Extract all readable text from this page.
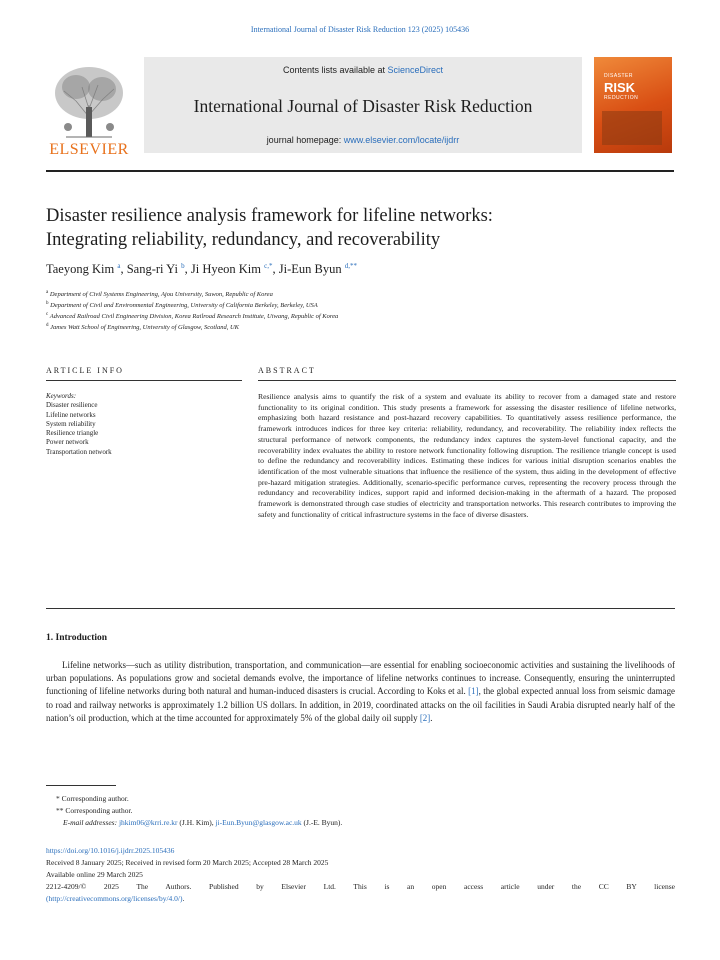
International Journal of Disaster Risk Reduction 123 (2025) 105436
ELSEVIER
Contents lists available at ScienceDirect
International Journal of Disaster Risk Reduction
journal homepage: www.elsevier.com/locate/ijdrr
DISASTER
RISK
REDUCTION
Disaster resilience analysis framework for lifeline networks:
Integrating reliability, redundancy, and recoverability
Taeyong Kim $^a$, Sang-ri Yi $^b$, Ji Hyeon Kim $^{c,*}$, Ji-Eun Byun $^{d,**}$
$^a$ Department of Civil Systems Engineering, Ajou University, Suwon, Republic of Korea
$^b$ Department of Civil and Environmental Engineering, University of California Berkeley, Berkeley, USA
$^c$ Advanced Railroad Civil Engineering Division, Korea Railroad Research Institute, Uiwang, Republic of Korea
$^d$ James Watt School of Engineering, University of Glasgow, Scotland, UK
ARTICLE INFO
Keywords:
Disaster resilience
Lifeline networks
System reliability
Resilience triangle
Power network
Transportation network
ABSTRACT
Resilience analysis aims to quantify the risk of a system and evaluate its ability to recover from a damaged state and restore functionality to its original condition. This study presents a framework for assessing the disaster resilience of lifeline networks, emphasizing both hazard resistance and post-hazard recovery capabilities. To quantitatively assess resilience performance, the framework introduces indices for three key criteria: reliability, redundancy, and recoverability. The reliability index reflects the structural performance of network components, the redundancy index captures the system-level functional capacity, and the recoverability index evaluates the ability to restore network functionality following disruption. The resilience triangle concept is used to define the redundancy and recoverability indices. Estimating these indices for various initial disruption scenarios enables the identification of the most vulnerable situations that influence the resilience of the system, thus aiding in the development of effective pre-hazard mitigation strategies. Additionally, scenario-specific performance curves, representing the recovery process through the redundancy and recoverability indices, support rapid and informed decision-making in the aftermath of a hazard. The proposed framework is demonstrated through case studies of electricity and transportation networks. This research contributes to improving the safety and functionality of critical infrastructure systems in the face of diverse disasters.
1. Introduction
Lifeline networks—such as utility distribution, transportation, and communication—are essential for enabling socioeconomic activities and sustaining the livelihoods of urban populations. As populations grow and societal demands evolve, the importance of lifeline networks continues to increase. Consequently, ensuring the uninterrupted functioning of lifeline networks during both natural and human-induced disasters is crucial. According to Koks et al. [1], the global expected annual loss from seismic damage to road and railway networks is approximately 1.2 billion US dollars. In addition, in 2019, coordinated attacks on the oil facilities in Saudi Arabia disrupted nearly half of the nation’s oil production, which at the time accounted for approximately 5% of the global daily oil supply [2].
* Corresponding author.
** Corresponding author.
E-mail addresses: jhkim06@krri.re.kr (J.H. Kim), ji-Eun.Byun@glasgow.ac.uk (J.-E. Byun).
https://doi.org/10.1016/j.ijdrr.2025.105436
Received 8 January 2025; Received in revised form 20 March 2025; Accepted 28 March 2025
Available online 29 March 2025
2212-4209/© 2025 The Authors. Published by Elsevier Ltd. This is an open access article under the CC BY license
(http://creativecommons.org/licenses/by/4.0/).
